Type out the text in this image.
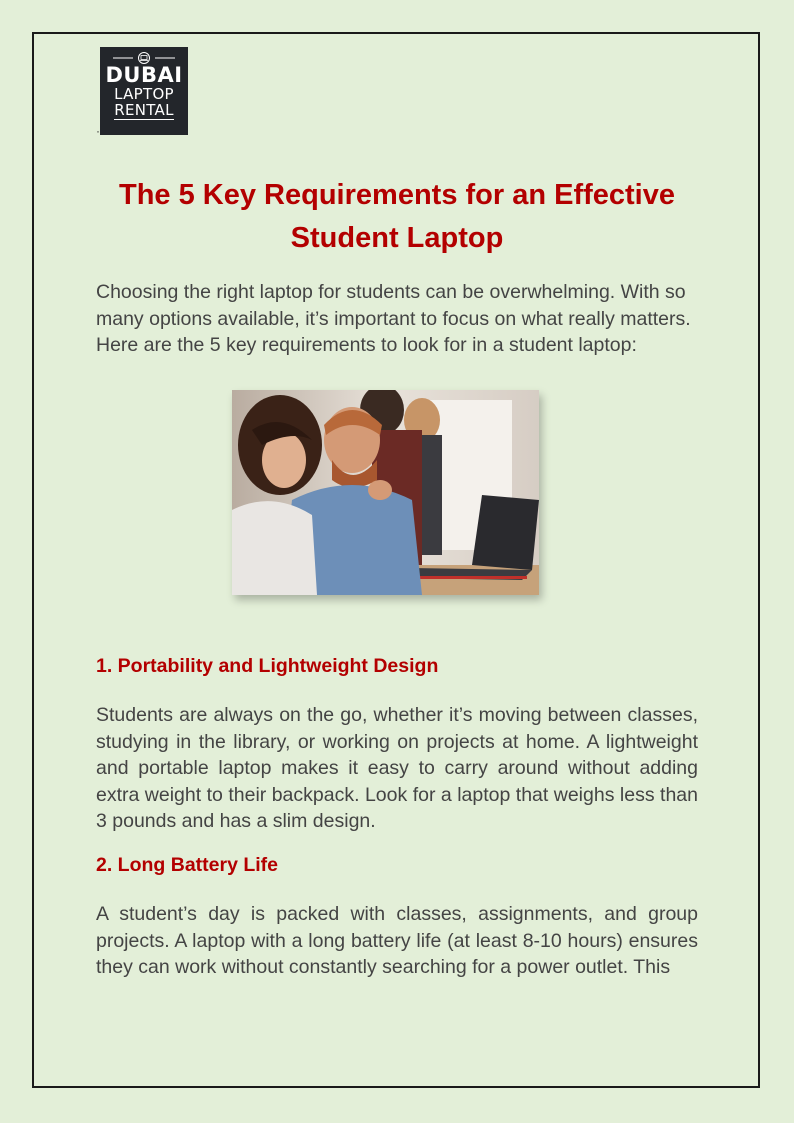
DUBAI
LAPTOP
RENTAL
·
The 5 Key Requirements for an Effective Student Laptop

Choosing the right laptop for students can be overwhelming. With so many options available, it’s important to focus on what really matters. Here are the 5 key requirements to look for in a student laptop:

1. Portability and Lightweight Design

Students are always on the go, whether it’s moving between classes, studying in the library, or working on projects at home. A lightweight and portable laptop makes it easy to carry around without adding extra weight to their backpack. Look for a laptop that weighs less than 3 pounds and has a slim design.

2. Long Battery Life

A student’s day is packed with classes, assignments, and group projects. A laptop with a long battery life (at least 8-10 hours) ensures they can work without constantly searching for a power outlet. This
